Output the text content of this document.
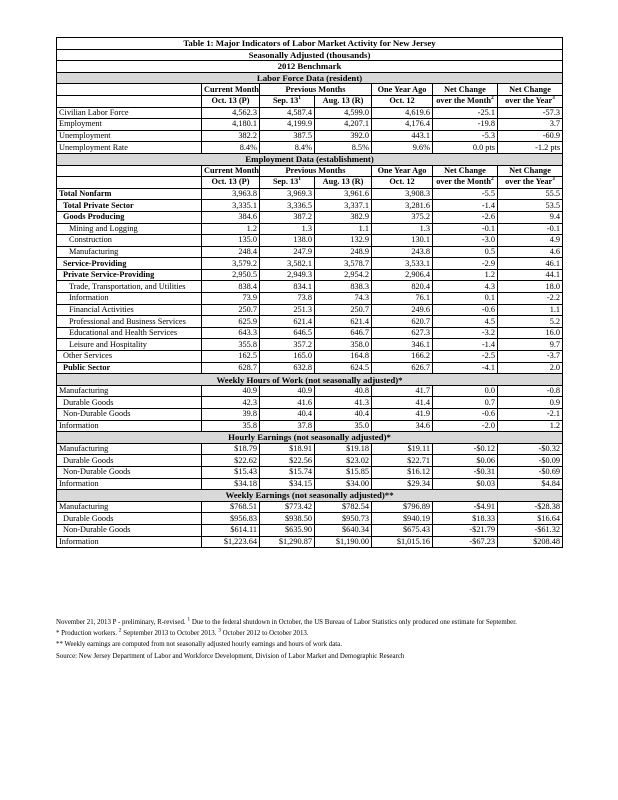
Table 1: Major Indicators of Labor Market Activity for New Jersey						
Seasonally Adjusted (thousands)						
2012 Benchmark						
Labor Force Data (resident)						
	Current Month	Previous Months		One Year Ago	Net Change	Net Change
	Oct. 13 (P)	Sep. $13^1$	Aug. 13 (R)	Oct. 12	over the Month$^2$	over the Year$^3$
Civilian Labor Force	4,562.3	4,587.4	4,599.0	4,619.6	-25.1	-57.3
Employment	4,180.1	4,199.9	4,207.1	4,176.4	-19.8	3.7
Unemployment	382.2	387.5	392.0	443.1	-5.3	-60.9
Unemployment Rate	8.4%	8.4%	8.5%	9.6%	0.0 pts	-1.2 pts
Employment Data (establishment)						
	Current Month	Previous Months		One Year Ago	Net Change	Net Change
	Oct. 13 (P)	Sep. $13^1$	Aug. 13 (R)	Oct. 12	over the Month$^2$	over the Year$^3$
Total Nonfarm	3,963.8	3,969.3	3,961.6	3,908.3	-5.5	55.5
Total Private Sector	3,335.1	3,336.5	3,337.1	3,281.6	-1.4	53.5
Goods Producing	384.6	387.2	382.9	375.2	-2.6	9.4
Mining and Logging	1.2	1.3	1.1	1.3	-0.1	-0.1
Construction	135.0	138.0	132.9	130.1	-3.0	4.9
Manufacturing	248.4	247.9	248.9	243.8	0.5	4.6
Service-Providing	3,579.2	3,582.1	3,578.7	3,533.1	-2.9	46.1
Private Service-Providing	2,950.5	2,949.3	2,954.2	2,906.4	1.2	44.1
Trade, Transportation, and Utilities	838.4	834.1	838.3	820.4	4.3	18.0
Information	73.9	73.8	74.3	76.1	0.1	-2.2
Financial Activities	250.7	251.3	250.7	249.6	-0.6	1.1
Professional and Business Services	625.9	621.4	621.4	620.7	4.5	5.2
Educational and Health Services	643.3	646.5	646.7	627.3	-3.2	16.0
Leisure and Hospitality	355.8	357.2	358.0	346.1	-1.4	9.7
Other Services	162.5	165.0	164.8	166.2	-2.5	-3.7
Public Sector	628.7	632.8	624.5	626.7	-4.1	2.0
Weekly Hours of Work (not seasonally adjusted)*						
Manufacturing	40.9	40.9	40.8	41.7	0.0	-0.8
Durable Goods	42.3	41.6	41.3	41.4	0.7	0.9
Non-Durable Goods	39.8	40.4	40.4	41.9	-0.6	-2.1
Information	35.8	37.8	35.0	34.6	-2.0	1.2
Hourly Earnings (not seasonally adjusted)*						
Manufacturing	$18.79	$18.91	$19.18	$19.11	-$0.12	-$0.32
Durable Goods	$22.62	$22.56	$23.02	$22.71	$0.06	-$0.09
Non-Durable Goods	$15.43	$15.74	$15.85	$16.12	-$0.31	-$0.69
Information	$34.18	$34.15	$34.00	$29.34	$0.03	$4.84
Weekly Earnings (not seasonally adjusted)**						
Manufacturing	$768.51	$773.42	$782.54	$796.89	-$4.91	-$28.38
Durable Goods	$956.83	$938.50	$950.73	$940.19	$18.33	$16.64
Non-Durable Goods	$614.11	$635.90	$640.34	$675.43	-$21.79	-$61.32
Information	$1,223.64	$1,290.87	$1,190.00	$1,015.16	-$67.23	$208.48
November 21, 2013 P - preliminary, R-revised. $^1$ Due to the federal shutdown in October, the US Bureau of Labor Statistics only produced one estimate for September.
* Production workers. $^2$ September 2013 to October 2013. $^3$ October 2012 to October 2013.
** Weekly earnings are computed from not seasonally adjusted hourly earnings and hours of work data.
Source: New Jersey Department of Labor and Workforce Development, Division of Labor Market and Demographic Research
